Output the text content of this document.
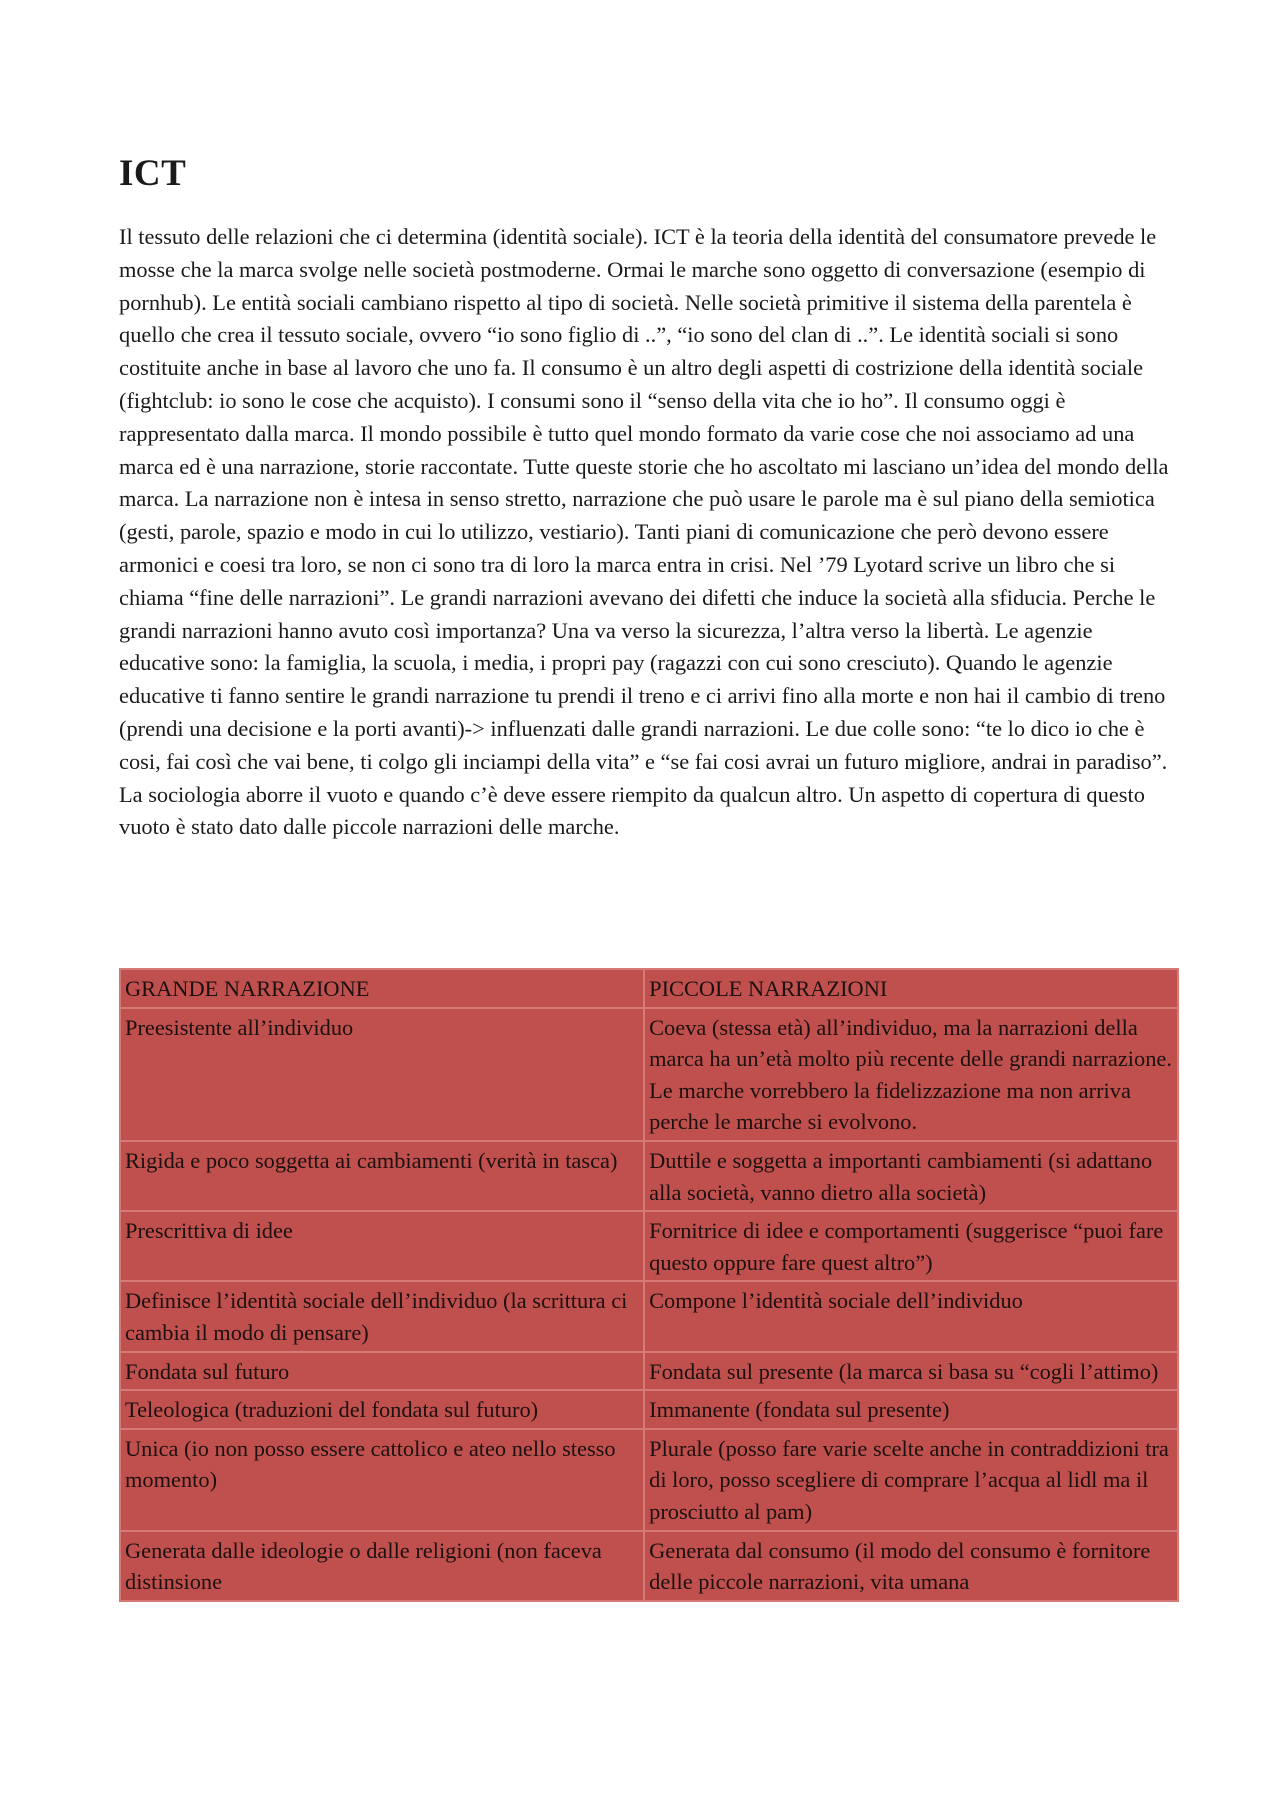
ICT

Il tessuto delle relazioni che ci determina (identità sociale). ICT è la teoria della identità del consumatore prevede le mosse che la marca svolge nelle società postmoderne. Ormai le marche sono oggetto di conversazione (esempio di pornhub). Le entità sociali cambiano rispetto al tipo di società. Nelle società primitive il sistema della parentela è quello che crea il tessuto sociale, ovvero “io sono figlio di ..”, “io sono del clan di ..”. Le identità sociali si sono costituite anche in base al lavoro che uno fa. Il consumo è un altro degli aspetti di costrizione della identità sociale (fightclub: io sono le cose che acquisto). I consumi sono il “senso della vita che io ho”. Il consumo oggi è rappresentato dalla marca. Il mondo possibile è tutto quel mondo formato da varie cose che noi associamo ad una marca ed è una narrazione, storie raccontate. Tutte queste storie che ho ascoltato mi lasciano un’idea del mondo della marca. La narrazione non è intesa in senso stretto, narrazione che può usare le parole ma è sul piano della semiotica (gesti, parole, spazio e modo in cui lo utilizzo, vestiario). Tanti piani di comunicazione che però devono essere armonici e coesi tra loro, se non ci sono tra di loro la marca entra in crisi. Nel ’79 Lyotard scrive un libro che si chiama “fine delle narrazioni”. Le grandi narrazioni avevano dei difetti che induce la società alla sfiducia. Perche le grandi narrazioni hanno avuto così importanza? Una va verso la sicurezza, l’altra verso la libertà. Le agenzie educative sono: la famiglia, la scuola, i media, i propri pay (ragazzi con cui sono cresciuto). Quando le agenzie educative ti fanno sentire le grandi narrazione tu prendi il treno e ci arrivi fino alla morte e non hai il cambio di treno (prendi una decisione e la porti avanti)-> influenzati dalle grandi narrazioni. Le due colle sono: “te lo dico io che è cosi, fai così che vai bene, ti colgo gli inciampi della vita” e “se fai cosi avrai un futuro migliore, andrai in paradiso”. La sociologia aborre il vuoto e quando c’è deve essere riempito da qualcun altro. Un aspetto di copertura di questo vuoto è stato dato dalle piccole narrazioni delle marche.

GRANDE NARRAZIONE	PICCOLE NARRAZIONI
Preesistente all’individuo	Coeva (stessa età) all’individuo, ma la narrazioni della marca ha un’età molto più recente delle grandi narrazione. Le marche vorrebbero la fidelizzazione ma non arriva perche le marche si evolvono.
Rigida e poco soggetta ai cambiamenti (verità in tasca)	Duttile e soggetta a importanti cambiamenti (si adattano alla società, vanno dietro alla società)
Prescrittiva di idee	Fornitrice di idee e comportamenti (suggerisce “puoi fare questo oppure fare quest altro”)
Definisce l’identità sociale dell’individuo (la scrittura ci cambia il modo di pensare)	Compone l’identità sociale dell’individuo
Fondata sul futuro	Fondata sul presente (la marca si basa su “cogli l’attimo)
Teleologica (traduzioni del fondata sul futuro)	Immanente (fondata sul presente)
Unica (io non posso essere cattolico e ateo nello stesso momento)	Plurale (posso fare varie scelte anche in contraddizioni tra di loro, posso scegliere di comprare l’acqua al lidl ma il prosciutto al pam)
Generata dalle ideologie o dalle religioni (non faceva distinsione	Generata dal consumo (il modo del consumo è fornitore delle piccole narrazioni, vita umana
